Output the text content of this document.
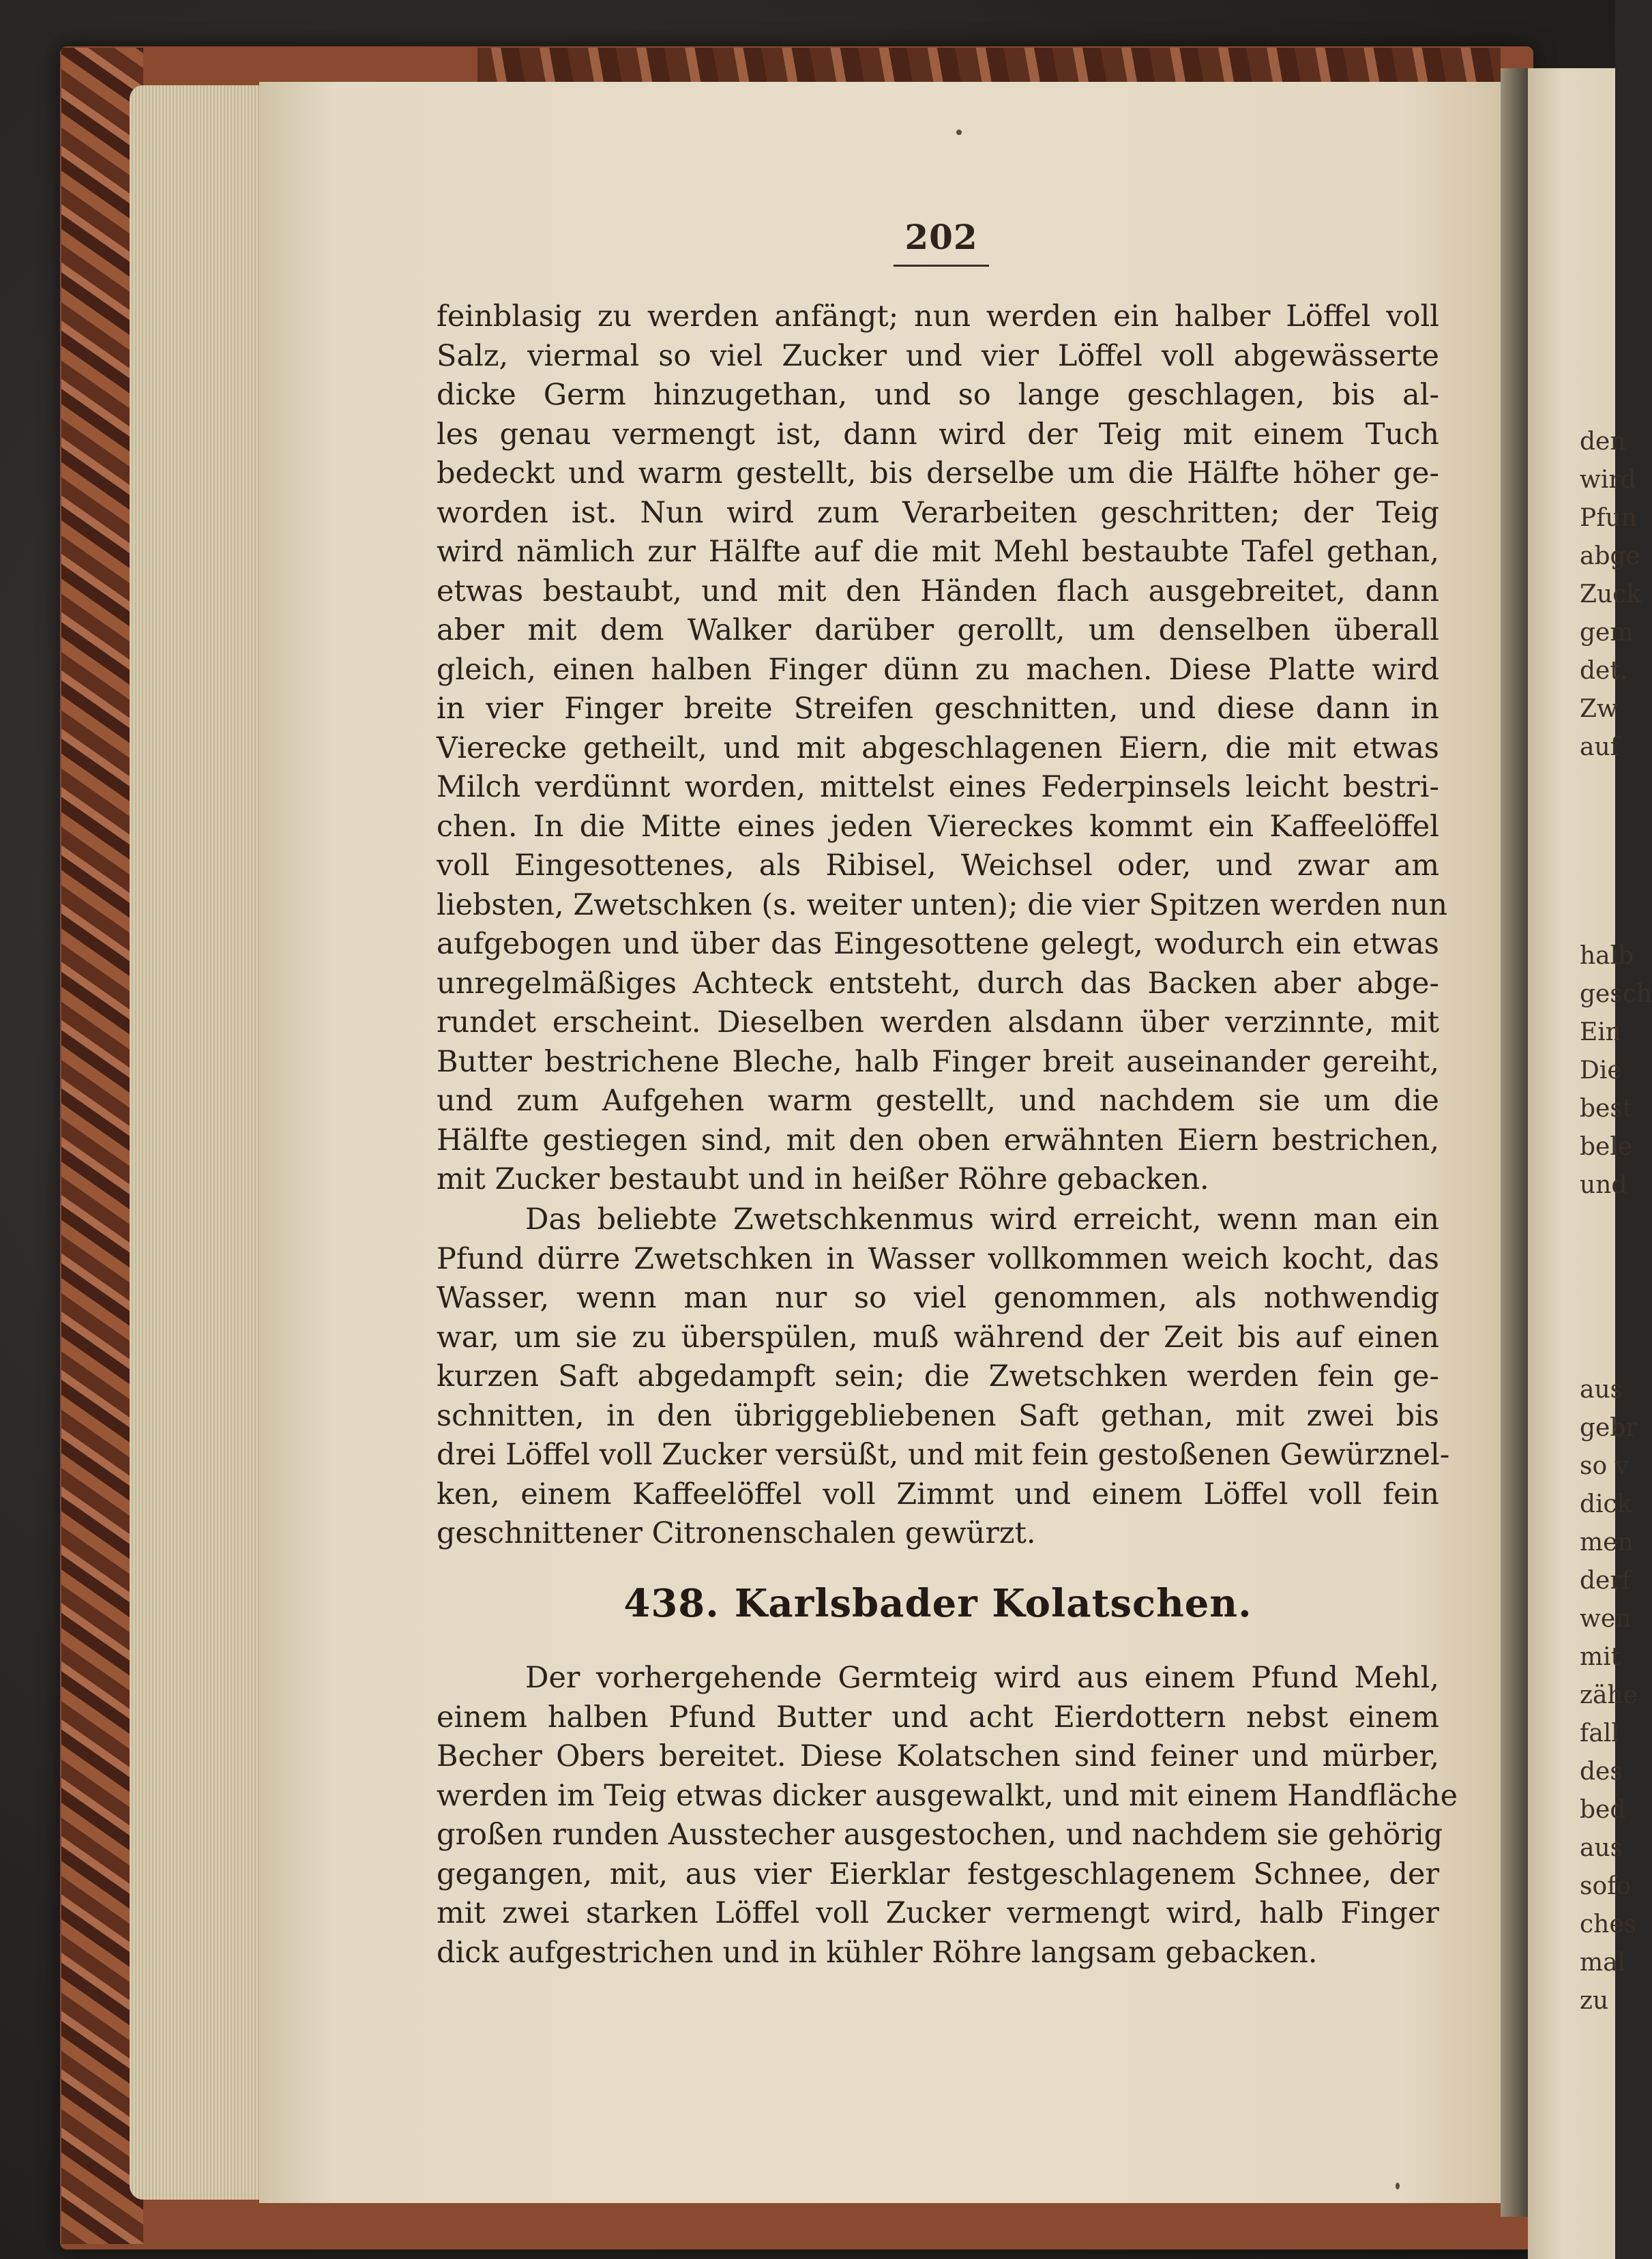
202
feinblasig zu werden anfängt; nun werden ein halber Löffel voll
Salz, viermal so viel Zucker und vier Löffel voll abgewässerte
dicke Germ hinzugethan, und so lange geschlagen, bis al-
les genau vermengt ist, dann wird der Teig mit einem Tuch
bedeckt und warm gestellt, bis derselbe um die Hälfte höher ge-
worden ist. Nun wird zum Verarbeiten geschritten; der Teig
wird nämlich zur Hälfte auf die mit Mehl bestaubte Tafel gethan,
etwas bestaubt, und mit den Händen flach ausgebreitet, dann
aber mit dem Walker darüber gerollt, um denselben überall
gleich, einen halben Finger dünn zu machen. Diese Platte wird
in vier Finger breite Streifen geschnitten, und diese dann in
Vierecke getheilt, und mit abgeschlagenen Eiern, die mit etwas
Milch verdünnt worden, mittelst eines Federpinsels leicht bestri-
chen. In die Mitte eines jeden Viereckes kommt ein Kaffeelöffel
voll Eingesottenes, als Ribisel, Weichsel oder, und zwar am
liebsten, Zwetschken (s. weiter unten); die vier Spitzen werden nun
aufgebogen und über das Eingesottene gelegt, wodurch ein etwas
unregelmäßiges Achteck entsteht, durch das Backen aber abge-
rundet erscheint. Dieselben werden alsdann über verzinnte, mit
Butter bestrichene Bleche, halb Finger breit auseinander gereiht,
und zum Aufgehen warm gestellt, und nachdem sie um die
Hälfte gestiegen sind, mit den oben erwähnten Eiern bestrichen,
mit Zucker bestaubt und in heißer Röhre gebacken.
Das beliebte Zwetschkenmus wird erreicht, wenn man ein
Pfund dürre Zwetschken in Wasser vollkommen weich kocht, das
Wasser, wenn man nur so viel genommen, als nothwendig
war, um sie zu überspülen, muß während der Zeit bis auf einen
kurzen Saft abgedampft sein; die Zwetschken werden fein ge-
schnitten, in den übriggebliebenen Saft gethan, mit zwei bis
drei Löffel voll Zucker versüßt, und mit fein gestoßenen Gewürznel-
ken, einem Kaffeelöffel voll Zimmt und einem Löffel voll fein
geschnittener Citronenschalen gewürzt.
438. Karlsbader Kolatschen.
Der vorhergehende Germteig wird aus einem Pfund Mehl,
einem halben Pfund Butter und acht Eierdottern nebst einem
Becher Obers bereitet. Diese Kolatschen sind feiner und mürber,
werden im Teig etwas dicker ausgewalkt, und mit einem Handfläche
großen runden Ausstecher ausgestochen, und nachdem sie gehörig
gegangen, mit, aus vier Eierklar festgeschlagenem Schnee, der
mit zwei starken Löffel voll Zucker vermengt wird, halb Finger
dick aufgestrichen und in kühler Röhre langsam gebacken.
den
wird
Pfun
abge
Zuck
gem
det.
Zw
auf
halb
gesch
Ein
Die
best
bele
und
aus
gebr
so v
dick
men
derf
wen
mit
zähe
fall
des
bed
aus
sofo
ches
mal
zu
